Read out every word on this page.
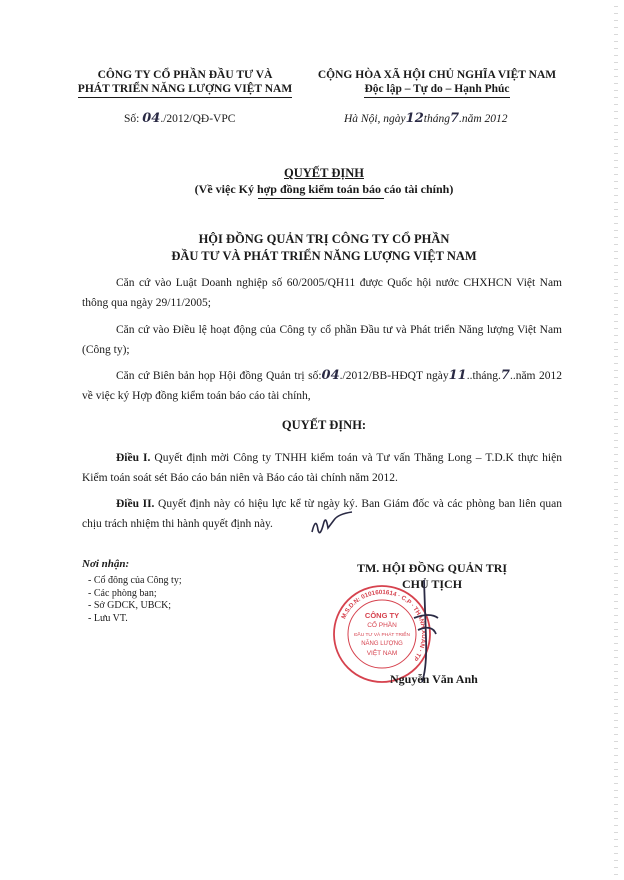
CÔNG TY CỔ PHẦN ĐẦU TƯ VÀ
PHÁT TRIỂN NĂNG LƯỢNG VIỆT NAM
CỘNG HÒA XÃ HỘI CHỦ NGHĨA VIỆT NAM
Độc lập – Tự do – Hạnh Phúc
Số: 04./2012/QĐ-VPC	Hà Nội, ngày12tháng7.năm 2012
QUYẾT ĐỊNH
(Về việc Ký hợp đồng kiểm toán báo cáo tài chính)
HỘI ĐỒNG QUẢN TRỊ CÔNG TY CỔ PHẦN
ĐẦU TƯ VÀ PHÁT TRIỂN NĂNG LƯỢNG VIỆT NAM
Căn cứ vào Luật Doanh nghiệp số 60/2005/QH11 được Quốc hội nước CHXHCN Việt Nam thông qua ngày 29/11/2005;
Căn cứ vào Điều lệ hoạt động của Công ty cổ phần Đầu tư và Phát triển Năng lượng Việt Nam (Công ty);
Căn cứ Biên bản họp Hội đồng Quản trị số:04./2012/BB-HĐQT ngày11..tháng.7..năm 2012 về việc ký Hợp đồng kiểm toán báo cáo tài chính,
QUYẾT ĐỊNH:
Điều I. Quyết định mời Công ty TNHH kiểm toán và Tư vấn Thăng Long – T.D.K thực hiện Kiểm toán soát sét Báo cáo bán niên và Báo cáo tài chính năm 2012.
Điều II. Quyết định này có hiệu lực kể từ ngày ký. Ban Giám đốc và các phòng ban liên quan chịu trách nhiệm thi hành quyết định này.
Nơi nhận:
- Cổ đông của Công ty;
- Các phòng ban;
- Sở GDCK, UBCK;
- Lưu VT.
TM. HỘI ĐỒNG QUẢN TRỊ
CHỦ TỊCH
M.S.D.N: 0101601614 · C.P · THANH XUÂN · TP
CÔNG TY
CỔ PHẦN
ĐẦU TƯ VÀ PHÁT TRIỂN
NĂNG LƯỢNG
VIỆT NAM
Nguyễn Văn Anh
